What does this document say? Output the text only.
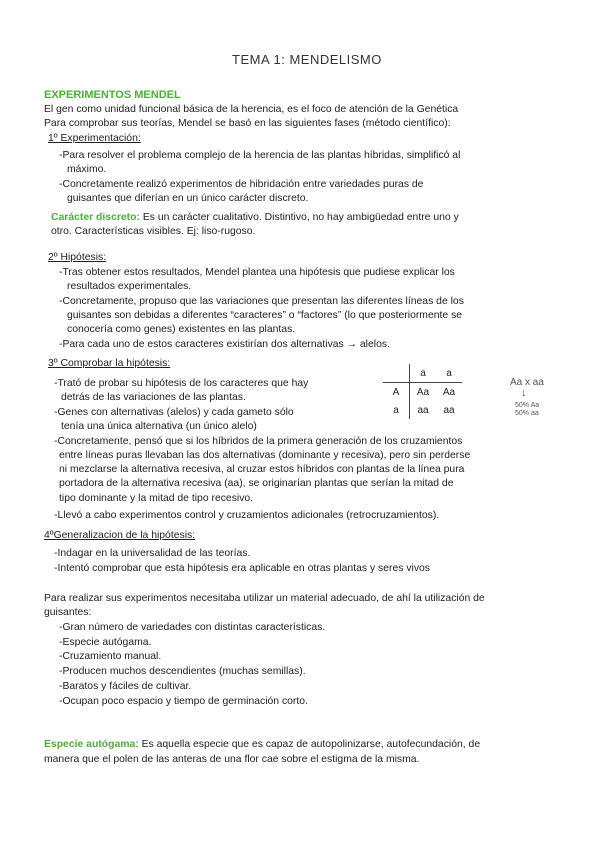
TEMA 1: MENDELISMO
EXPERIMENTOS MENDEL
El gen como unidad funcional básica de la herencia, es el foco de atención de la Genética
Para comprobar sus teorías, Mendel se basó en las siguientes fases (método científico):
1º Experimentación:
-Para resolver el problema complejo de la herencia de las plantas híbridas, simplificó al
máximo.
-Concretamente realizó experimentos de hibridación entre variedades puras de
guisantes que diferían en un único carácter discreto.
Carácter discreto: Es un carácter cualitativo. Distintivo, no hay ambigüedad entre uno y
otro. Características visibles. Ej: liso-rugoso.
2º Hipótesis:
-Tras obtener estos resultados, Mendel plantea una hipótesis que pudiese explicar los
resultados experimentales.
-Concretamente, propuso que las variaciones que presentan las diferentes líneas de los
guisantes son debidas a diferentes “caracteres” o “factores” (lo que posteriormente se
conocería como genes) existentes en las plantas.
-Para cada uno de estos caracteres existirían dos alternativas → alelos.
3º Comprobar la hipótesis:
-Trató de probar su hipótesis de los caracteres que hay
detrás de las variaciones de las plantas.
-Genes con alternativas (alelos) y cada gameto sólo
tenía una única alternativa (un único alelo)
-Concretamente, pensó que si los híbridos de la primera generación de los cruzamientos
entre líneas puras llevaban las dos alternativas (dominante y recesiva), pero sin perderse
ni mezclarse la alternativa recesiva, al cruzar estos híbridos con plantas de la línea pura
portadora de la alternativa recesiva (aa), se originarían plantas que serían la mitad de
tipo dominante y la mitad de tipo recesivo.
-Llevó a cabo experimentos control y cruzamientos adicionales (retrocruzamientos).
	a	a
A	Aa	Aa
a	aa	aa
Aa x aa
↓
50% Aa
50% aa
4ºGeneralizacion de la hipótesis:
-Indagar en la universalidad de las teorías.
-Intentó comprobar que esta hipótesis era aplicable en otras plantas y seres vivos
Para realizar sus experimentos necesitaba utilizar un material adecuado, de ahí la utilización de
guisantes:
-Gran número de variedades con distintas características.
-Especie autógama.
-Cruzamiento manual.
-Producen muchos descendientes (muchas semillas).
-Baratos y fáciles de cultivar.
-Ocupan poco espacio y tiempo de germinación corto.
Especie autógama: Es aquella especie que es capaz de autopolinizarse, autofecundación, de
manera que el polen de las anteras de una flor cae sobre el estigma de la misma.
